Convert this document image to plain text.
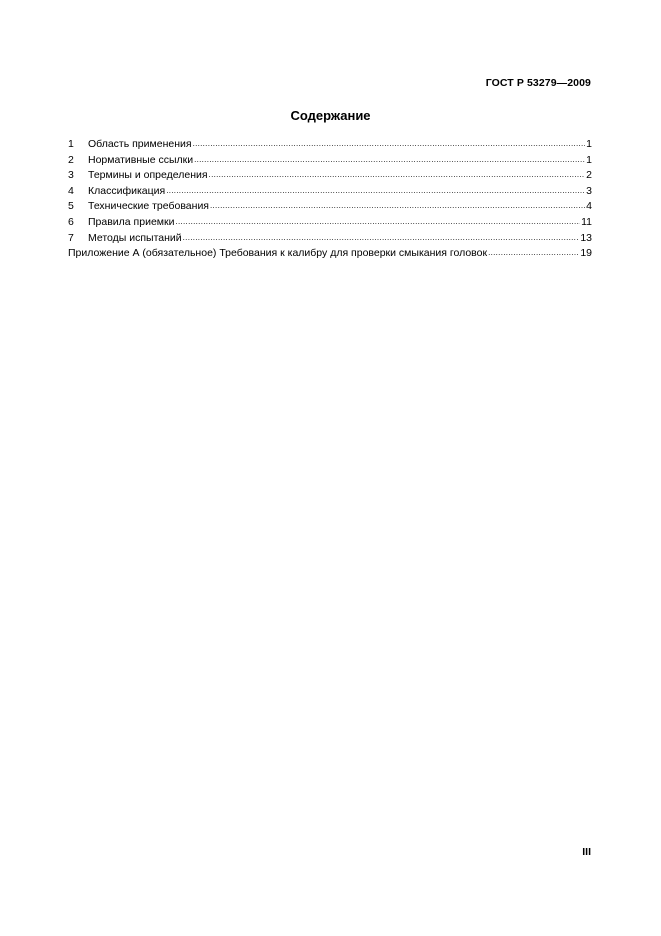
ГОСТ Р 53279—2009
Содержание
1	Область применения .....	1
2	Нормативные ссылки .....	1
3	Термины и определения .....	2
4	Классификация .....	3
5	Технические требования .....	4
6	Правила приемки .....	11
7	Методы испытаний .....	13
Приложение А (обязательное) Требования к калибру для проверки смыкания головок .....	19
III
